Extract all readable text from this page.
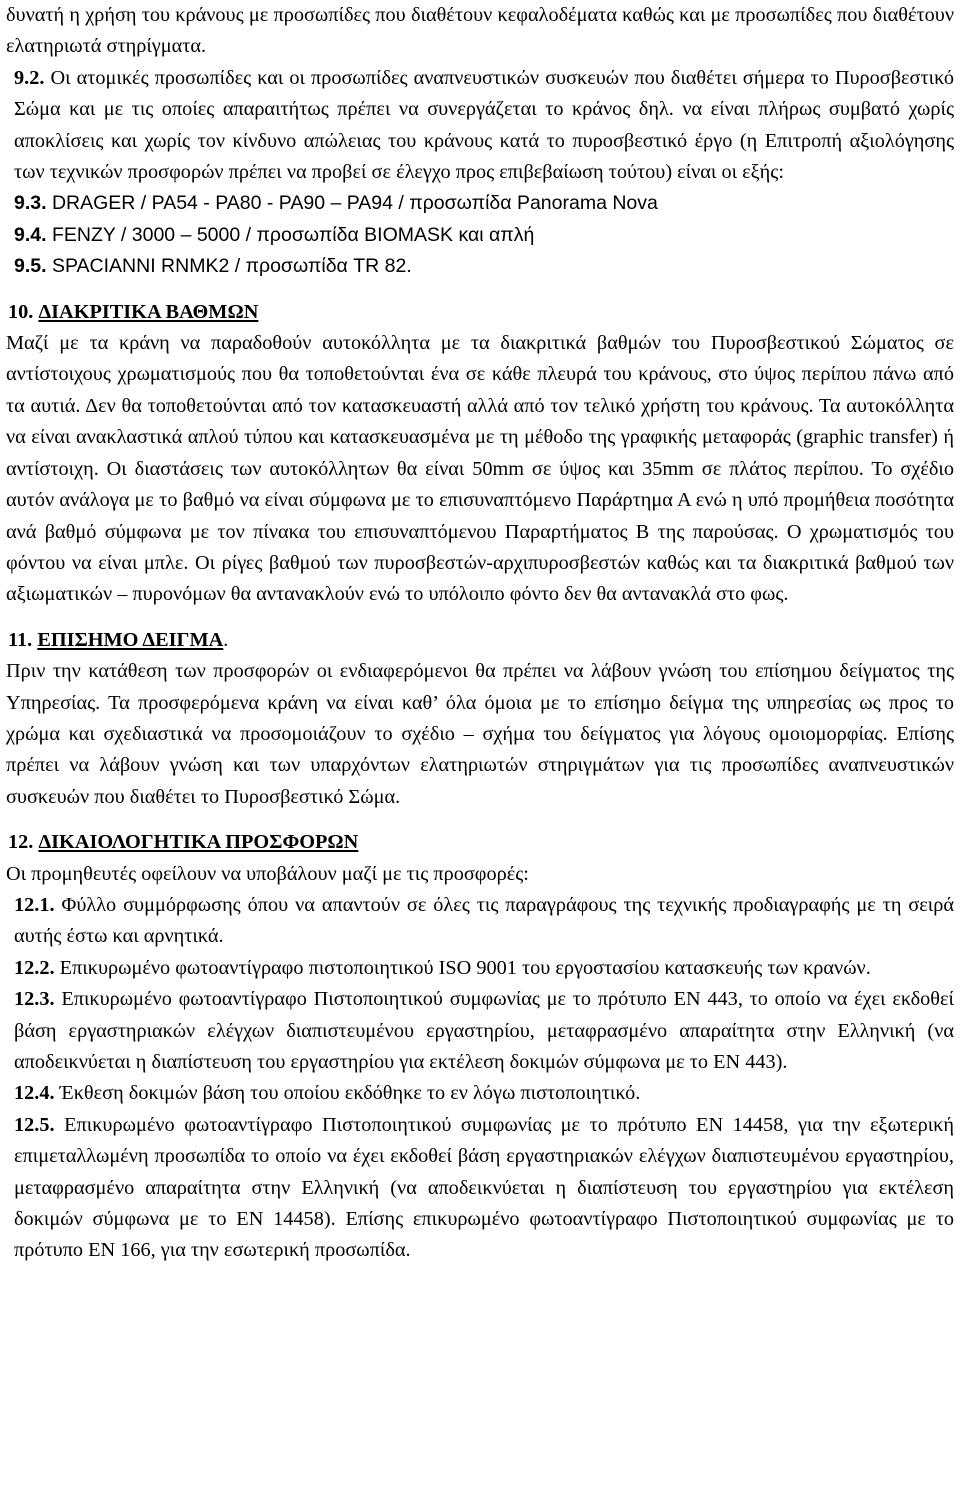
δυνατή η χρήση του κράνους με προσωπίδες που διαθέτουν κεφαλοδέματα καθώς και με προσωπίδες που διαθέτουν ελατηριωτά στηρίγματα.

9.2. Οι ατομικές προσωπίδες και οι προσωπίδες αναπνευστικών συσκευών που διαθέτει σήμερα το Πυροσβεστικό Σώμα και με τις οποίες απαραιτήτως πρέπει να συνεργάζεται το κράνος δηλ. να είναι πλήρως συμβατό χωρίς αποκλίσεις και χωρίς τον κίνδυνο απώλειας του κράνους κατά το πυροσβεστικό έργο (η Επιτροπή αξιολόγησης των τεχνικών προσφορών πρέπει να προβεί σε έλεγχο προς επιβεβαίωση τούτου) είναι οι εξής:

9.3. DRAGER / PA54 - PA80 - PA90 – PA94 / προσωπίδα Panorama Nova

9.4. FENZY / 3000 – 5000 / προσωπίδα BIOMASK και απλή

9.5. SPACIANNI RNMK2 / προσωπίδα TR 82.

10. ΔΙΑΚΡΙΤΙΚΑ ΒΑΘΜΩΝ

Μαζί με τα κράνη να παραδοθούν αυτοκόλλητα με τα διακριτικά βαθμών του Πυροσβεστικού Σώματος σε αντίστοιχους χρωματισμούς που θα τοποθετούνται ένα σε κάθε πλευρά του κράνους, στο ύψος περίπου πάνω από τα αυτιά. Δεν θα τοποθετούνται από τον κατασκευαστή αλλά από τον τελικό χρήστη του κράνους. Τα αυτοκόλλητα να είναι ανακλαστικά απλού τύπου και κατασκευασμένα με τη μέθοδο της γραφικής μεταφοράς (graphic transfer) ή αντίστοιχη. Οι διαστάσεις των αυτοκόλλητων θα είναι 50mm σε ύψος και 35mm σε πλάτος περίπου. Το σχέδιο αυτόν ανάλογα με το βαθμό να είναι σύμφωνα με το επισυναπτόμενο Παράρτημα Α ενώ η υπό προμήθεια ποσότητα ανά βαθμό σύμφωνα με τον πίνακα του επισυναπτόμενου Παραρτήματος Β της παρούσας. Ο χρωματισμός του φόντου να είναι μπλε. Οι ρίγες βαθμού των πυροσβεστών-αρχιπυροσβεστών καθώς και τα διακριτικά βαθμού των αξιωματικών – πυρονόμων θα αντανακλούν ενώ το υπόλοιπο φόντο δεν θα αντανακλά στο φως.

11. ΕΠΙΣΗΜΟ ΔΕΙΓΜΑ.

Πριν την κατάθεση των προσφορών οι ενδιαφερόμενοι θα πρέπει να λάβουν γνώση του επίσημου δείγματος της Υπηρεσίας. Τα προσφερόμενα κράνη να είναι καθ’ όλα όμοια με το επίσημο δείγμα της υπηρεσίας ως προς το χρώμα και σχεδιαστικά να προσομοιάζουν το σχέδιο – σχήμα του δείγματος για λόγους ομοιομορφίας. Επίσης πρέπει να λάβουν γνώση και των υπαρχόντων ελατηριωτών στηριγμάτων για τις προσωπίδες αναπνευστικών συσκευών που διαθέτει το Πυροσβεστικό Σώμα.

12. ΔΙΚΑΙΟΛΟΓΗΤΙΚΑ ΠΡΟΣΦΟΡΩΝ

Οι προμηθευτές οφείλουν να υποβάλουν μαζί με τις προσφορές:

12.1. Φύλλο συμμόρφωσης όπου να απαντούν σε όλες τις παραγράφους της τεχνικής προδιαγραφής με τη σειρά αυτής έστω και αρνητικά.

12.2. Επικυρωμένο φωτοαντίγραφο πιστοποιητικού ISO 9001 του εργοστασίου κατασκευής των κρανών.

12.3. Επικυρωμένο φωτοαντίγραφο Πιστοποιητικού συμφωνίας με το πρότυπο ΕΝ 443, το οποίο να έχει εκδοθεί βάση εργαστηριακών ελέγχων διαπιστευμένου εργαστηρίου, μεταφρασμένο απαραίτητα στην Ελληνική (να αποδεικνύεται η διαπίστευση του εργαστηρίου για εκτέλεση δοκιμών σύμφωνα με το ΕΝ 443).

12.4. Έκθεση δοκιμών βάση του οποίου εκδόθηκε το εν λόγω πιστοποιητικό.

12.5. Επικυρωμένο φωτοαντίγραφο Πιστοποιητικού συμφωνίας με το πρότυπο ΕΝ 14458, για την εξωτερική επιμεταλλωμένη προσωπίδα το οποίο να έχει εκδοθεί βάση εργαστηριακών ελέγχων διαπιστευμένου εργαστηρίου, μεταφρασμένο απαραίτητα στην Ελληνική (να αποδεικνύεται η διαπίστευση του εργαστηρίου για εκτέλεση δοκιμών σύμφωνα με το ΕΝ 14458). Επίσης επικυρωμένο φωτοαντίγραφο Πιστοποιητικού συμφωνίας με το πρότυπο ΕΝ 166, για την εσωτερική προσωπίδα.
